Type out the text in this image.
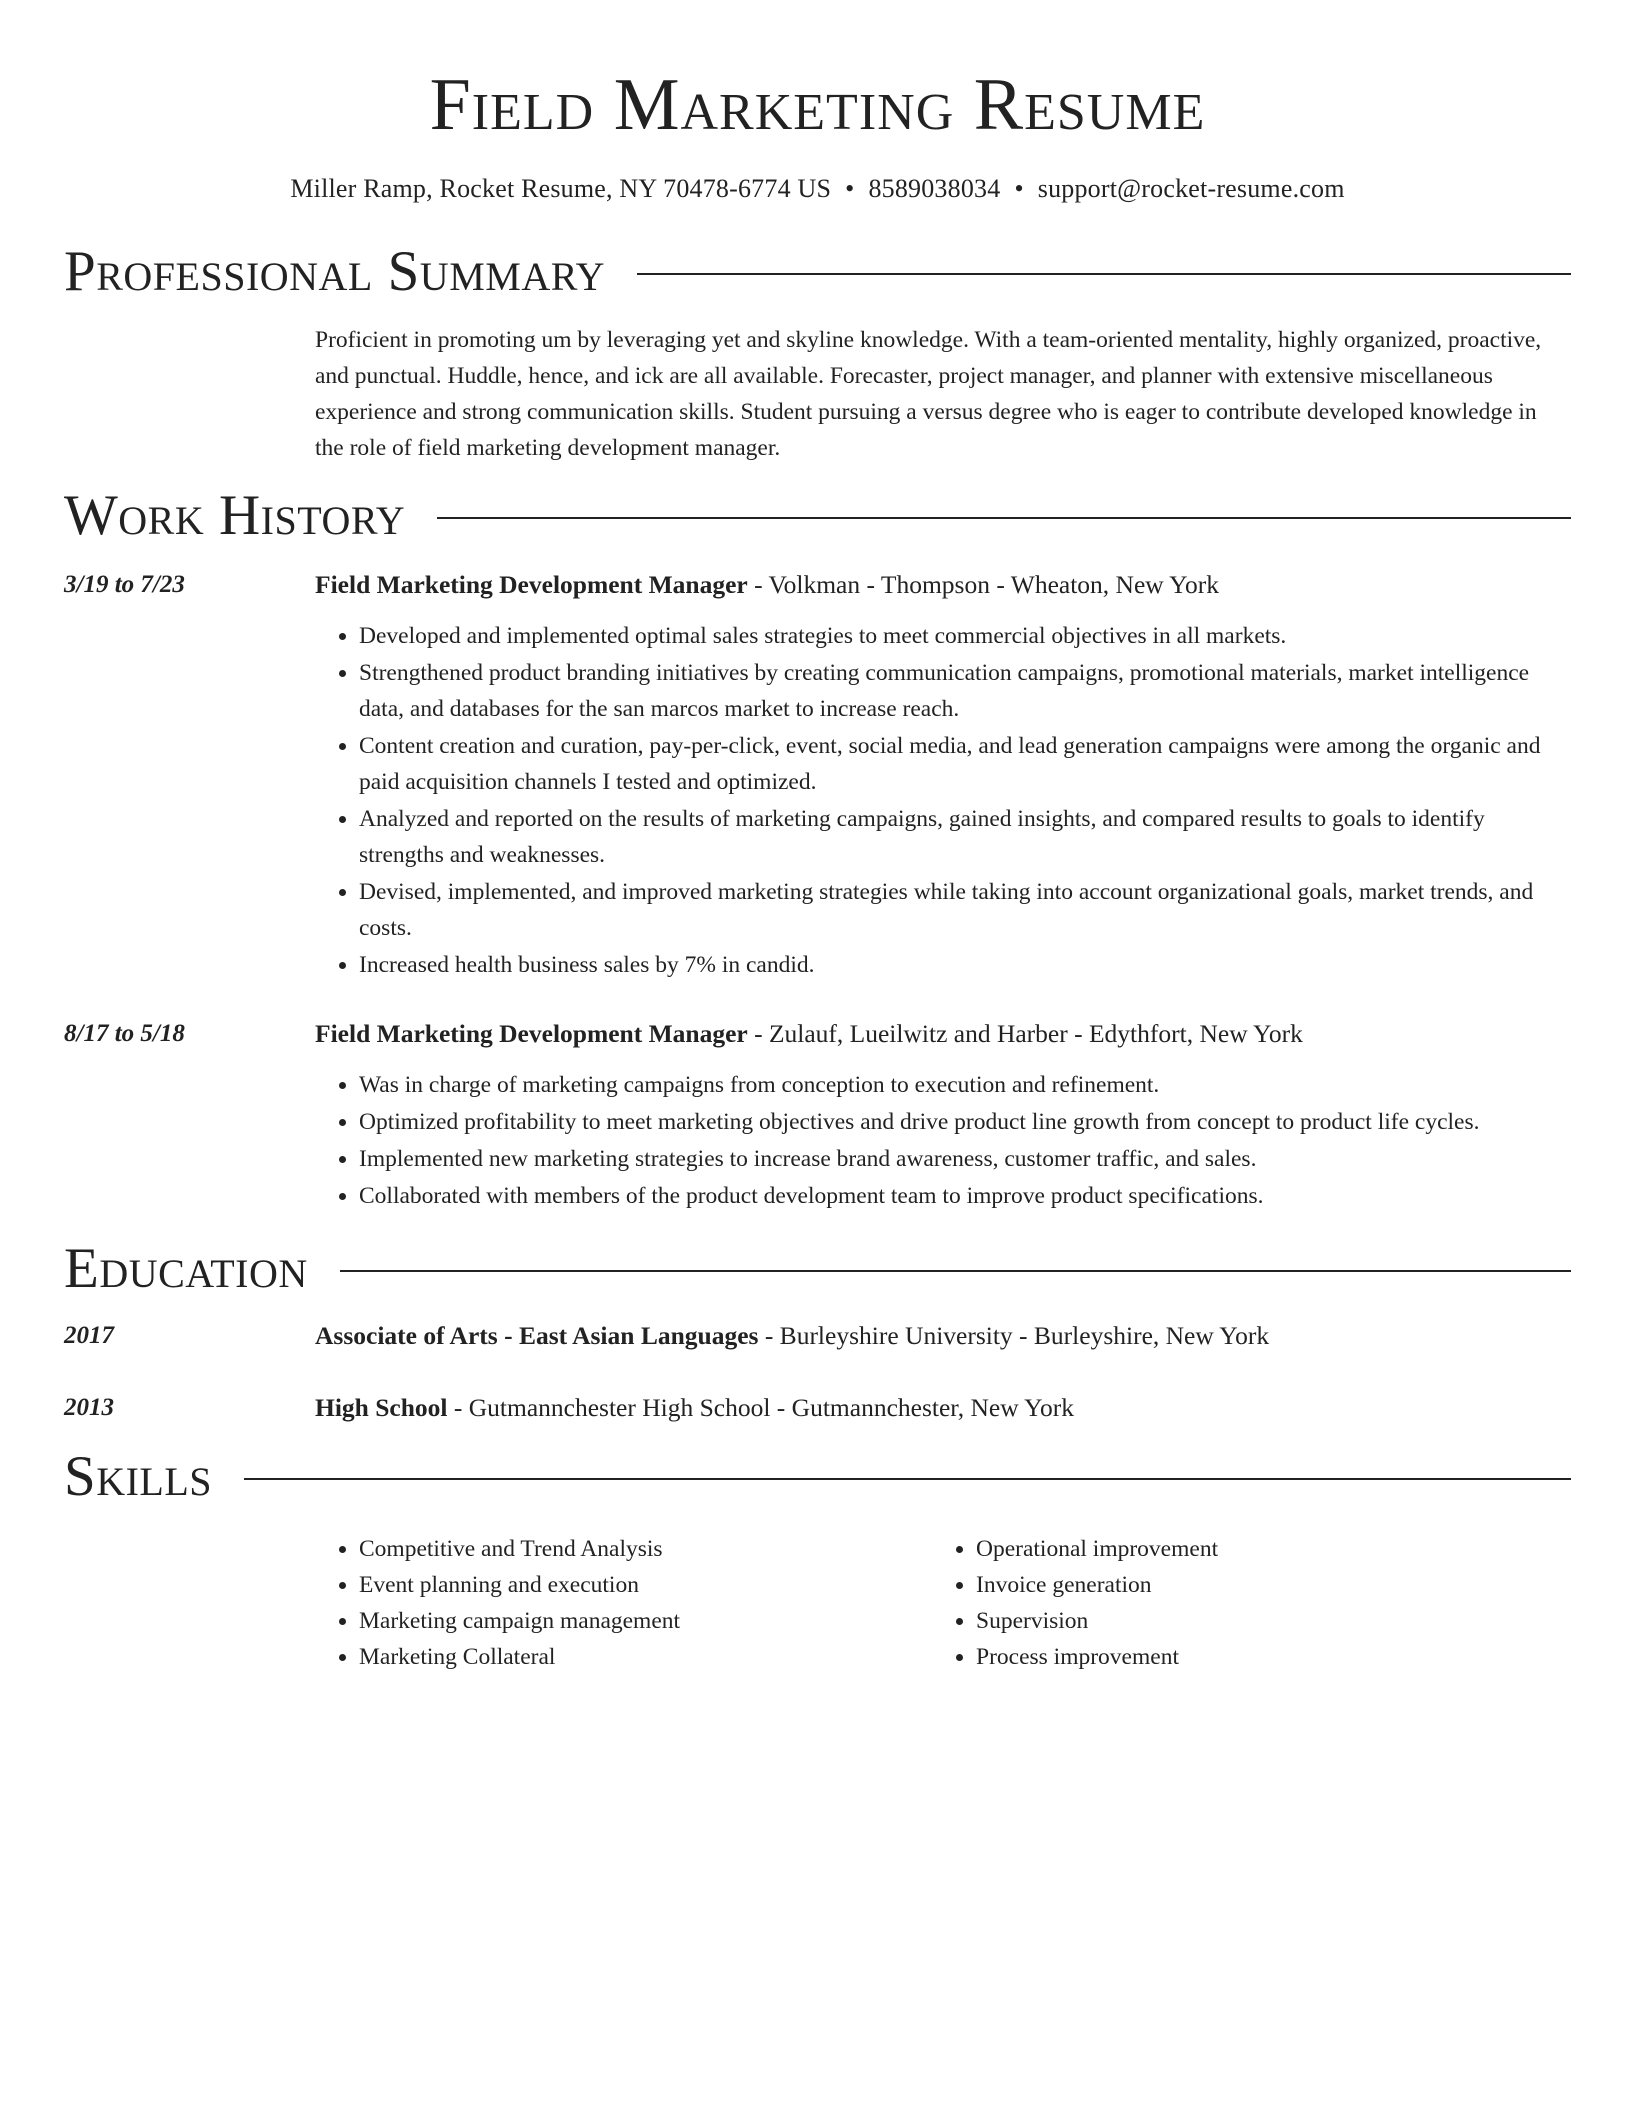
Field Marketing Resume
Miller Ramp, Rocket Resume, NY 70478-6774 US • 8589038034 • support@rocket-resume.com
Professional Summary
Proficient in promoting um by leveraging yet and skyline knowledge. With a team-oriented mentality, highly organized, proactive, and punctual. Huddle, hence, and ick are all available. Forecaster, project manager, and planner with extensive miscellaneous experience and strong communication skills. Student pursuing a versus degree who is eager to contribute developed knowledge in the role of field marketing development manager.
Work History
3/19 to 7/23	Field Marketing Development Manager - Volkman - Thompson - Wheaton, New York
• Developed and implemented optimal sales strategies to meet commercial objectives in all markets.
• Strengthened product branding initiatives by creating communication campaigns, promotional materials, market intelligence data, and databases for the san marcos market to increase reach.
• Content creation and curation, pay-per-click, event, social media, and lead generation campaigns were among the organic and paid acquisition channels I tested and optimized.
• Analyzed and reported on the results of marketing campaigns, gained insights, and compared results to goals to identify strengths and weaknesses.
• Devised, implemented, and improved marketing strategies while taking into account organizational goals, market trends, and costs.
• Increased health business sales by 7% in candid.
8/17 to 5/18	Field Marketing Development Manager - Zulauf, Lueilwitz and Harber - Edythfort, New York
• Was in charge of marketing campaigns from conception to execution and refinement.
• Optimized profitability to meet marketing objectives and drive product line growth from concept to product life cycles.
• Implemented new marketing strategies to increase brand awareness, customer traffic, and sales.
• Collaborated with members of the product development team to improve product specifications.
Education
2017	Associate of Arts - East Asian Languages - Burleyshire University - Burleyshire, New York
2013	High School - Gutmannchester High School - Gutmannchester, New York
Skills
• Competitive and Trend Analysis
• Event planning and execution
• Marketing campaign management
• Marketing Collateral
• Operational improvement
• Invoice generation
• Supervision
• Process improvement
